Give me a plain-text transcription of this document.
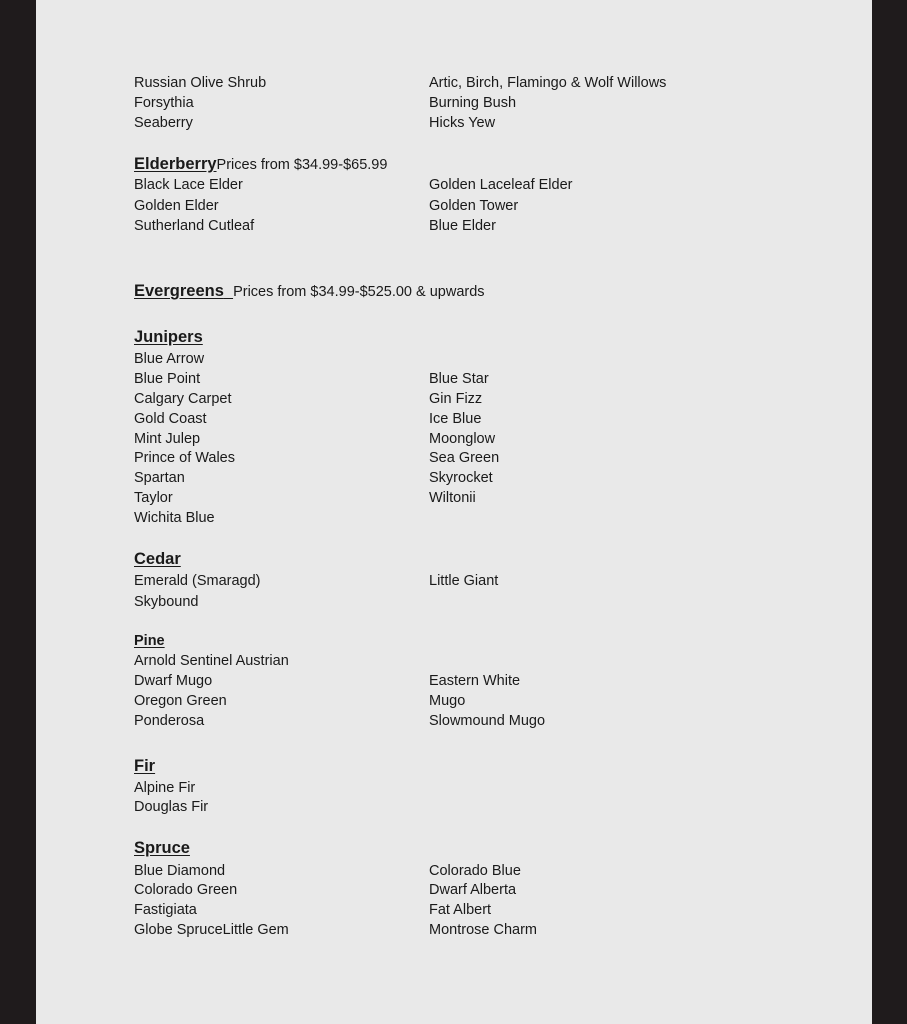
Russian Olive Shrub
Forsythia
Seaberry
Artic, Birch, Flamingo & Wolf Willows
Burning Bush
Hicks Yew
ElderberryPrices from $34.99-$65.99
Black Lace Elder
Golden Elder
Sutherland Cutleaf
Golden Laceleaf Elder
Golden Tower
Blue Elder
Evergreens Prices from $34.99-$525.00 & upwards
Junipers
Blue Arrow
Blue Point
Calgary Carpet
Gold Coast
Mint Julep
Prince of Wales
Spartan
Taylor
Wichita Blue
Blue Star
Gin Fizz
Ice Blue
Moonglow
Sea Green
Skyrocket
Wiltonii
Cedar
Emerald (Smaragd)
Skybound
Little Giant
Pine
Arnold Sentinel Austrian
Dwarf Mugo
Oregon Green
Ponderosa
Eastern White
Mugo
Slowmound Mugo
Fir
Alpine Fir
Douglas Fir
Spruce
Blue Diamond
Colorado Green
Fastigiata
Globe SpruceLittle Gem
Colorado Blue
Dwarf Alberta
Fat Albert
Montrose Charm
